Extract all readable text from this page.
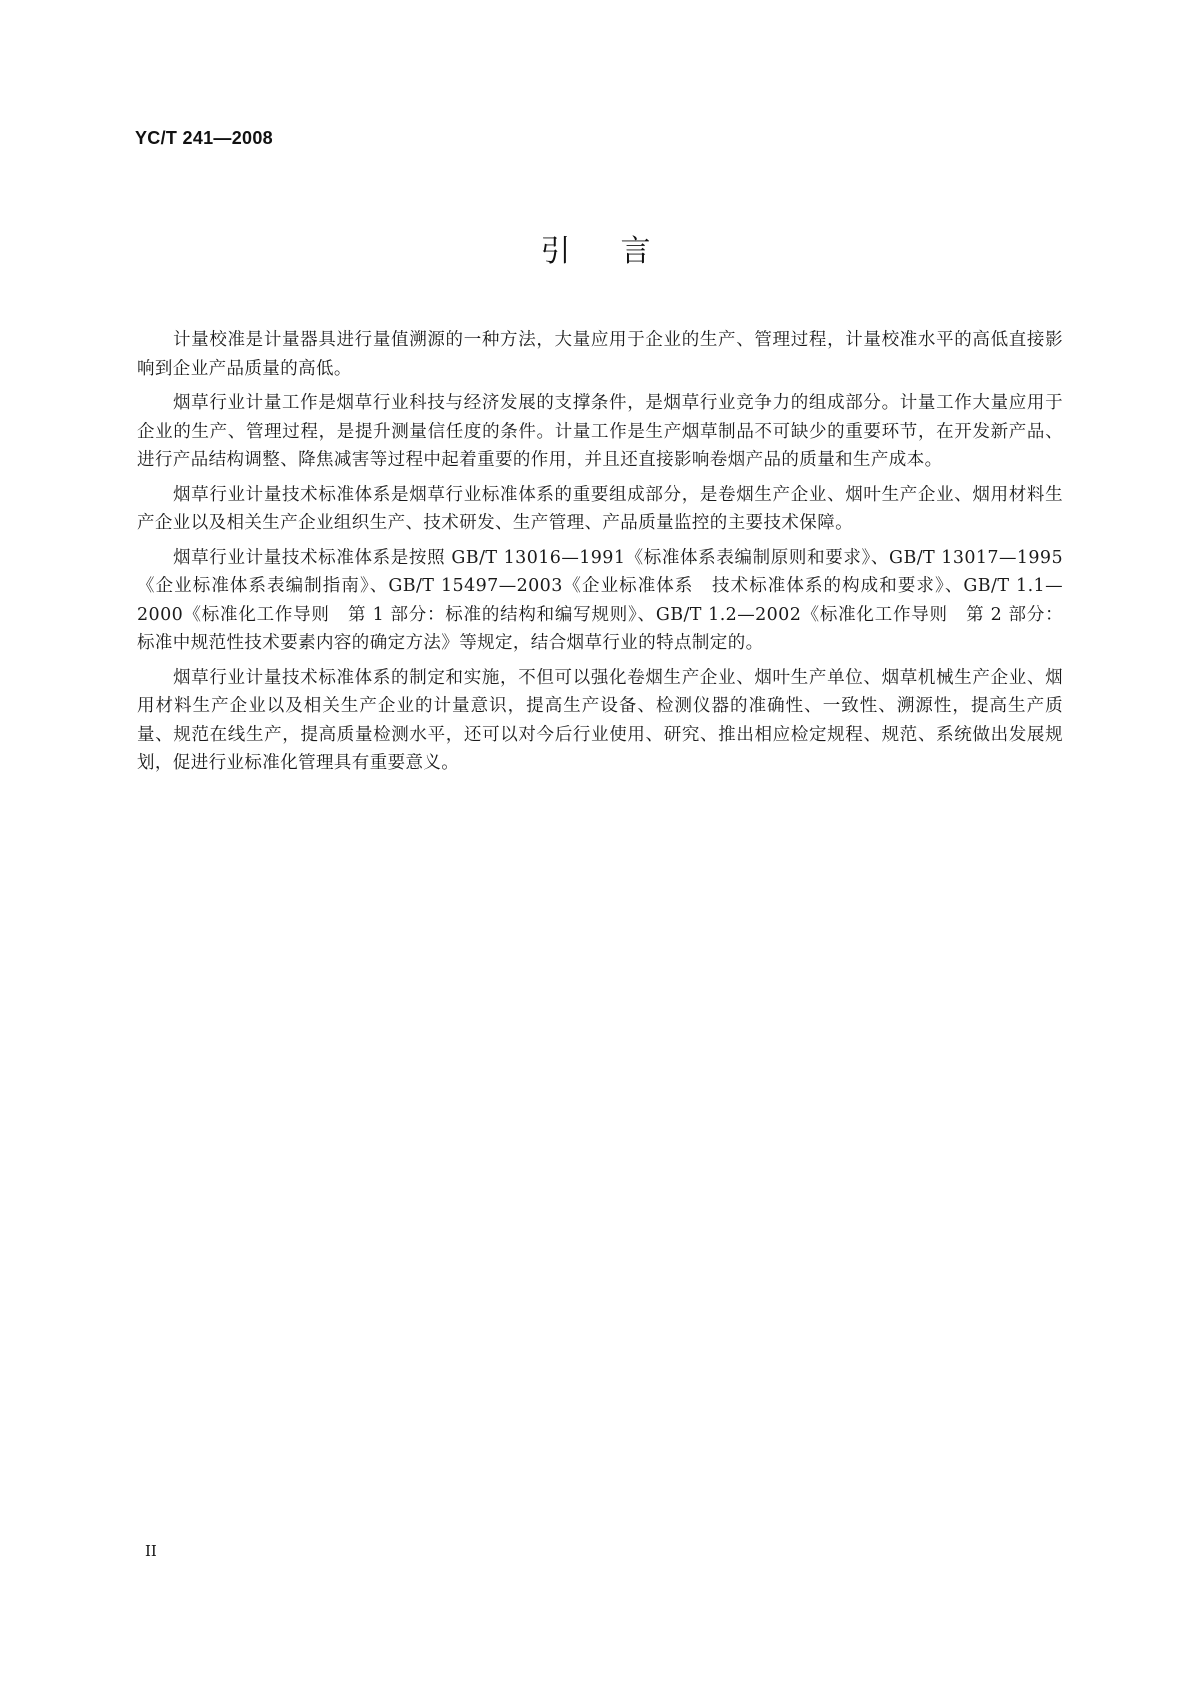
YC/T 241—2008
引言

计量校准是计量器具进行量值溯源的一种方法，大量应用于企业的生产、管理过程，计量校准水平的高低直接影响到企业产品质量的高低。

烟草行业计量工作是烟草行业科技与经济发展的支撑条件，是烟草行业竞争力的组成部分。计量工作大量应用于企业的生产、管理过程，是提升测量信任度的条件。计量工作是生产烟草制品不可缺少的重要环节，在开发新产品、进行产品结构调整、降焦减害等过程中起着重要的作用，并且还直接影响卷烟产品的质量和生产成本。

烟草行业计量技术标准体系是烟草行业标准体系的重要组成部分，是卷烟生产企业、烟叶生产企业、烟用材料生产企业以及相关生产企业组织生产、技术研发、生产管理、产品质量监控的主要技术保障。

烟草行业计量技术标准体系是按照 GB/T 13016—1991《标准体系表编制原则和要求》、GB/T 13017—1995《企业标准体系表编制指南》、GB/T 15497—2003《企业标准体系　技术标准体系的构成和要求》、GB/T 1.1—2000《标准化工作导则　第 1 部分：标准的结构和编写规则》、GB/T 1.2—2002《标准化工作导则　第 2 部分：标准中规范性技术要素内容的确定方法》等规定，结合烟草行业的特点制定的。

烟草行业计量技术标准体系的制定和实施，不但可以强化卷烟生产企业、烟叶生产单位、烟草机械生产企业、烟用材料生产企业以及相关生产企业的计量意识，提高生产设备、检测仪器的准确性、一致性、溯源性，提高生产质量、规范在线生产，提高质量检测水平，还可以对今后行业使用、研究、推出相应检定规程、规范、系统做出发展规划，促进行业标准化管理具有重要意义。

II
